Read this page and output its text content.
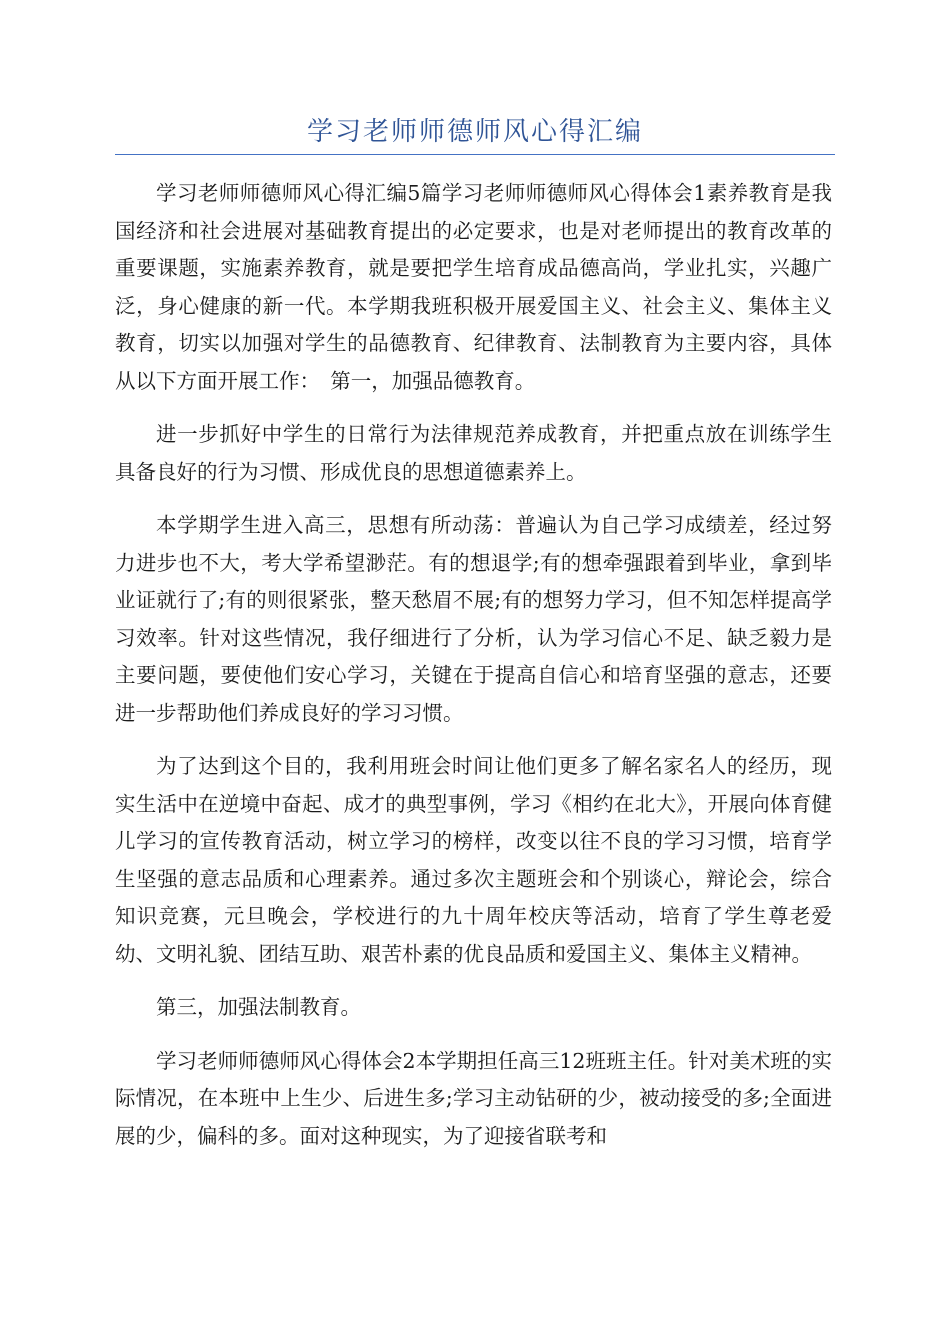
学习老师师德师风心得汇编

学习老师师德师风心得汇编5篇学习老师师德师风心得体会1素养教育是我国经济和社会进展对基础教育提出的必定要求，也是对老师提出的教育改革的重要课题，实施素养教育，就是要把学生培育成品德高尚，学业扎实，兴趣广泛，身心健康的新一代。本学期我班积极开展爱国主义、社会主义、集体主义教育，切实以加强对学生的品德教育、纪律教育、法制教育为主要内容，具体从以下方面开展工作：　第一，加强品德教育。

进一步抓好中学生的日常行为法律规范养成教育，并把重点放在训练学生具备良好的行为习惯、形成优良的思想道德素养上。

本学期学生进入高三，思想有所动荡：普遍认为自己学习成绩差，经过努力进步也不大，考大学希望渺茫。有的想退学;有的想牵强跟着到毕业，拿到毕业证就行了;有的则很紧张，整天愁眉不展;有的想努力学习，但不知怎样提高学习效率。针对这些情况，我仔细进行了分析，认为学习信心不足、缺乏毅力是主要问题，要使他们安心学习，关键在于提高自信心和培育坚强的意志，还要进一步帮助他们养成良好的学习习惯。

为了达到这个目的，我利用班会时间让他们更多了解名家名人的经历，现实生活中在逆境中奋起、成才的典型事例，学习《相约在北大》，开展向体育健儿学习的宣传教育活动，树立学习的榜样，改变以往不良的学习习惯，培育学生坚强的意志品质和心理素养。通过多次主题班会和个别谈心，辩论会，综合知识竞赛，元旦晚会，学校进行的九十周年校庆等活动，培育了学生尊老爱幼、文明礼貌、团结互助、艰苦朴素的优良品质和爱国主义、集体主义精神。

第三，加强法制教育。

学习老师师德师风心得体会2本学期担任高三12班班主任。针对美术班的实际情况，在本班中上生少、后进生多;学习主动钻研的少，被动接受的多;全面进展的少，偏科的多。面对这种现实，为了迎接省联考和
